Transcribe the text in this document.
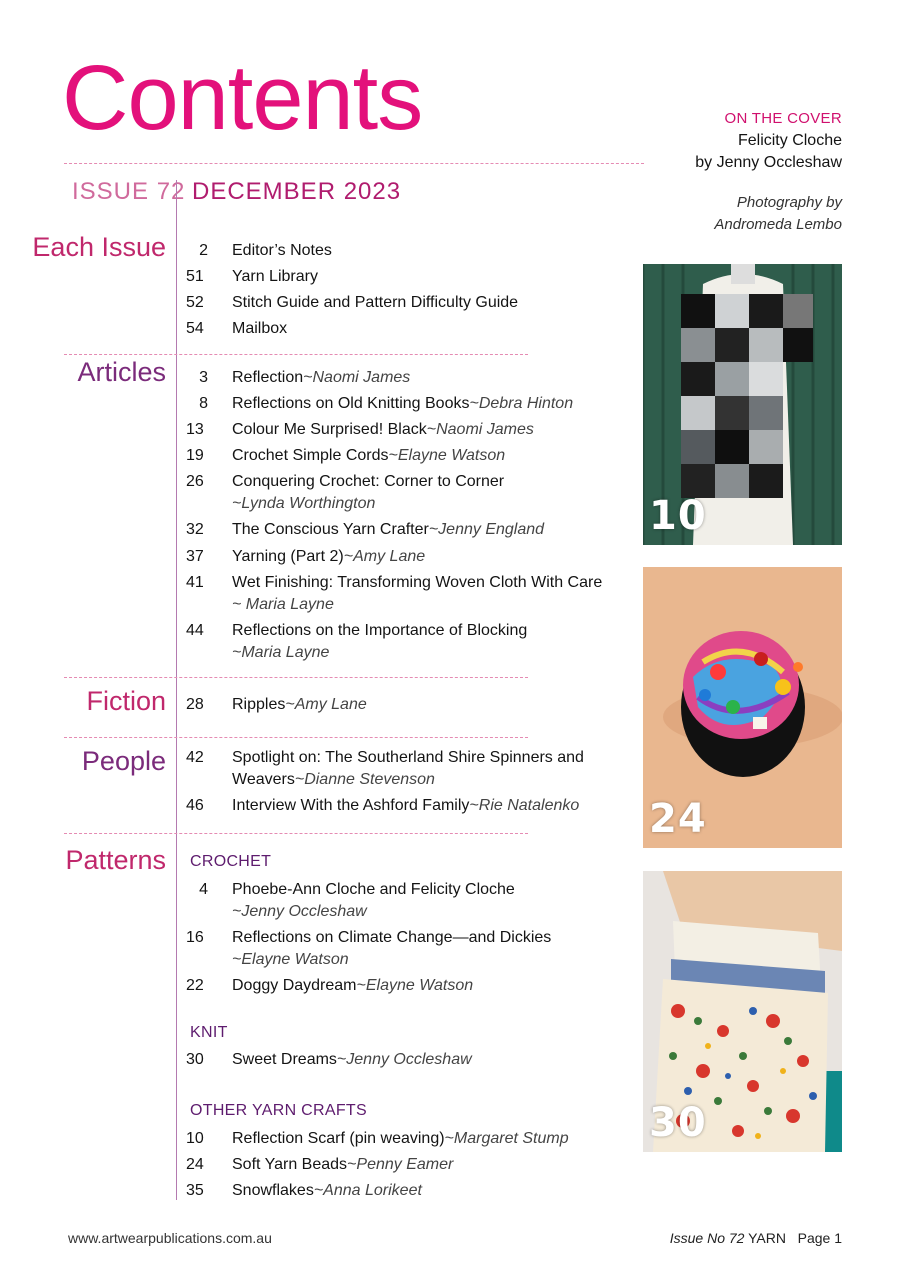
Contents	ON THE COVER
Felicity Cloche
by Jenny Occleshaw
Photography by
Andromeda Lembo
ISSUE 72 DECEMBER 2023
Each Issue	2 Editor’s Notes
51	Yarn Library
52	Stitch Guide and Pattern Difficulty Guide
54	Mailbox
Articles	3 Reflection~Naomi James
8 Reflections on Old Knitting Books~Debra Hinton
13	Colour Me Surprised! Black~Naomi James
19	Crochet Simple Cords~Elayne Watson
26	Conquering Crochet: Corner to Corner
~Lynda Worthington
32	The Conscious Yarn Crafter~Jenny England
37	Yarning (Part 2)~Amy Lane
41	Wet Finishing: Transforming Woven Cloth With Care
~ Maria Layne
44	Reflections on the Importance of Blocking
~Maria Layne
Fiction 28	Ripples~Amy Lane
People 42	Spotlight on: The Southerland Shire Spinners and Weavers~Dianne Stevenson
46	Interview With the Ashford Family~Rie Natalenko
Patterns CROCHET
4 Phoebe-Ann Cloche and Felicity Cloche
~Jenny Occleshaw
16	Reflections on Climate Change—and Dickies
~Elayne Watson
22	Doggy Daydream~Elayne Watson
KNIT
30	Sweet Dreams~Jenny Occleshaw
OTHER YARN CRAFTS
10	Reflection Scarf (pin weaving)~Margaret Stump
24	Soft Yarn Beads~Penny Eamer
35	Snowflakes~Anna Lorikeet
10
24
30
www.artwearpublications.com.au	Issue No 72 YARN Page 1
